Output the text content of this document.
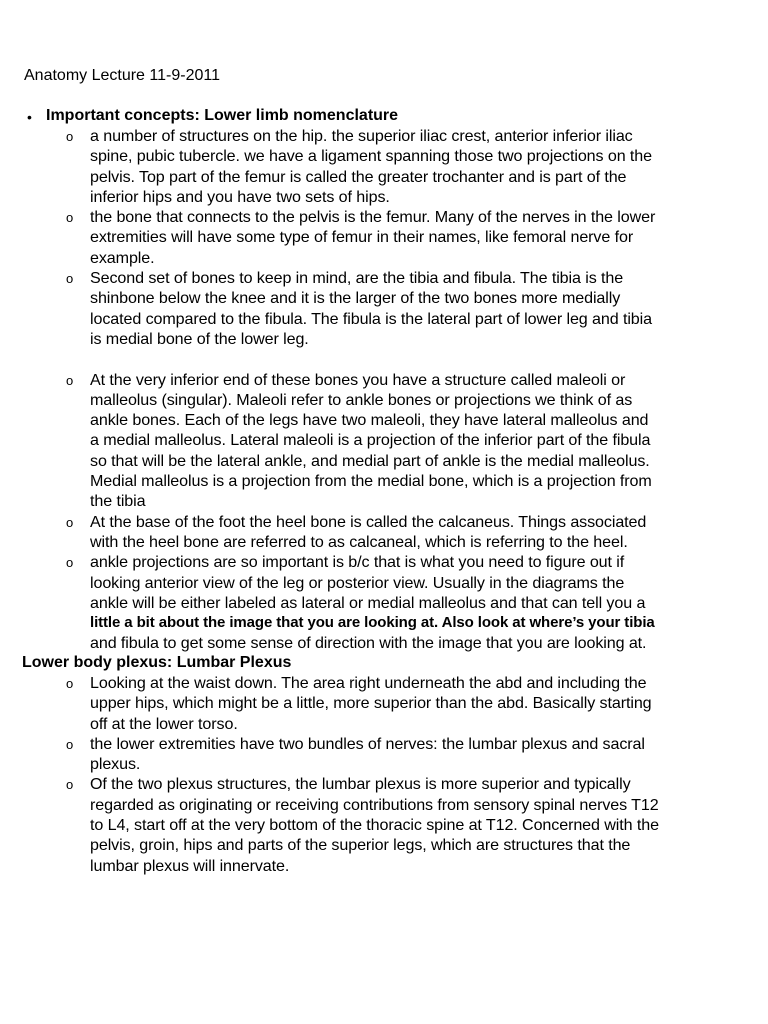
Anatomy Lecture 11-9-2011
• Important concepts: Lower limb nomenclature
o a number of structures on the hip. the superior iliac crest, anterior inferior iliac
spine, pubic tubercle. we have a ligament spanning those two projections on the
pelvis. Top part of the femur is called the greater trochanter and is part of the
inferior hips and you have two sets of hips.
o the bone that connects to the pelvis is the femur. Many of the nerves in the lower
extremities will have some type of femur in their names, like femoral nerve for
example.
o Second set of bones to keep in mind, are the tibia and fibula. The tibia is the
shinbone below the knee and it is the larger of the two bones more medially
located compared to the fibula. The fibula is the lateral part of lower leg and tibia
is medial bone of the lower leg.
o At the very inferior end of these bones you have a structure called maleoli or
malleolus (singular). Maleoli refer to ankle bones or projections we think of as
ankle bones. Each of the legs have two maleoli, they have lateral malleolus and
a medial malleolus. Lateral maleoli is a projection of the inferior part of the fibula
so that will be the lateral ankle, and medial part of ankle is the medial malleolus.
Medial malleolus is a projection from the medial bone, which is a projection from
the tibia
o At the base of the foot the heel bone is called the calcaneus. Things associated
with the heel bone are referred to as calcaneal, which is referring to the heel.
o ankle projections are so important is b/c that is what you need to figure out if
looking anterior view of the leg or posterior view. Usually in the diagrams the
ankle will be either labeled as lateral or medial malleolus and that can tell you a
little a bit about the image that you are looking at. Also look at where’s your tibia
and fibula to get some sense of direction with the image that you are looking at.
Lower body plexus: Lumbar Plexus
o Looking at the waist down. The area right underneath the abd and including the
upper hips, which might be a little, more superior than the abd. Basically starting
off at the lower torso.
o the lower extremities have two bundles of nerves: the lumbar plexus and sacral
plexus.
o Of the two plexus structures, the lumbar plexus is more superior and typically
regarded as originating or receiving contributions from sensory spinal nerves T12
to L4, start off at the very bottom of the thoracic spine at T12. Concerned with the
pelvis, groin, hips and parts of the superior legs, which are structures that the
lumbar plexus will innervate.
